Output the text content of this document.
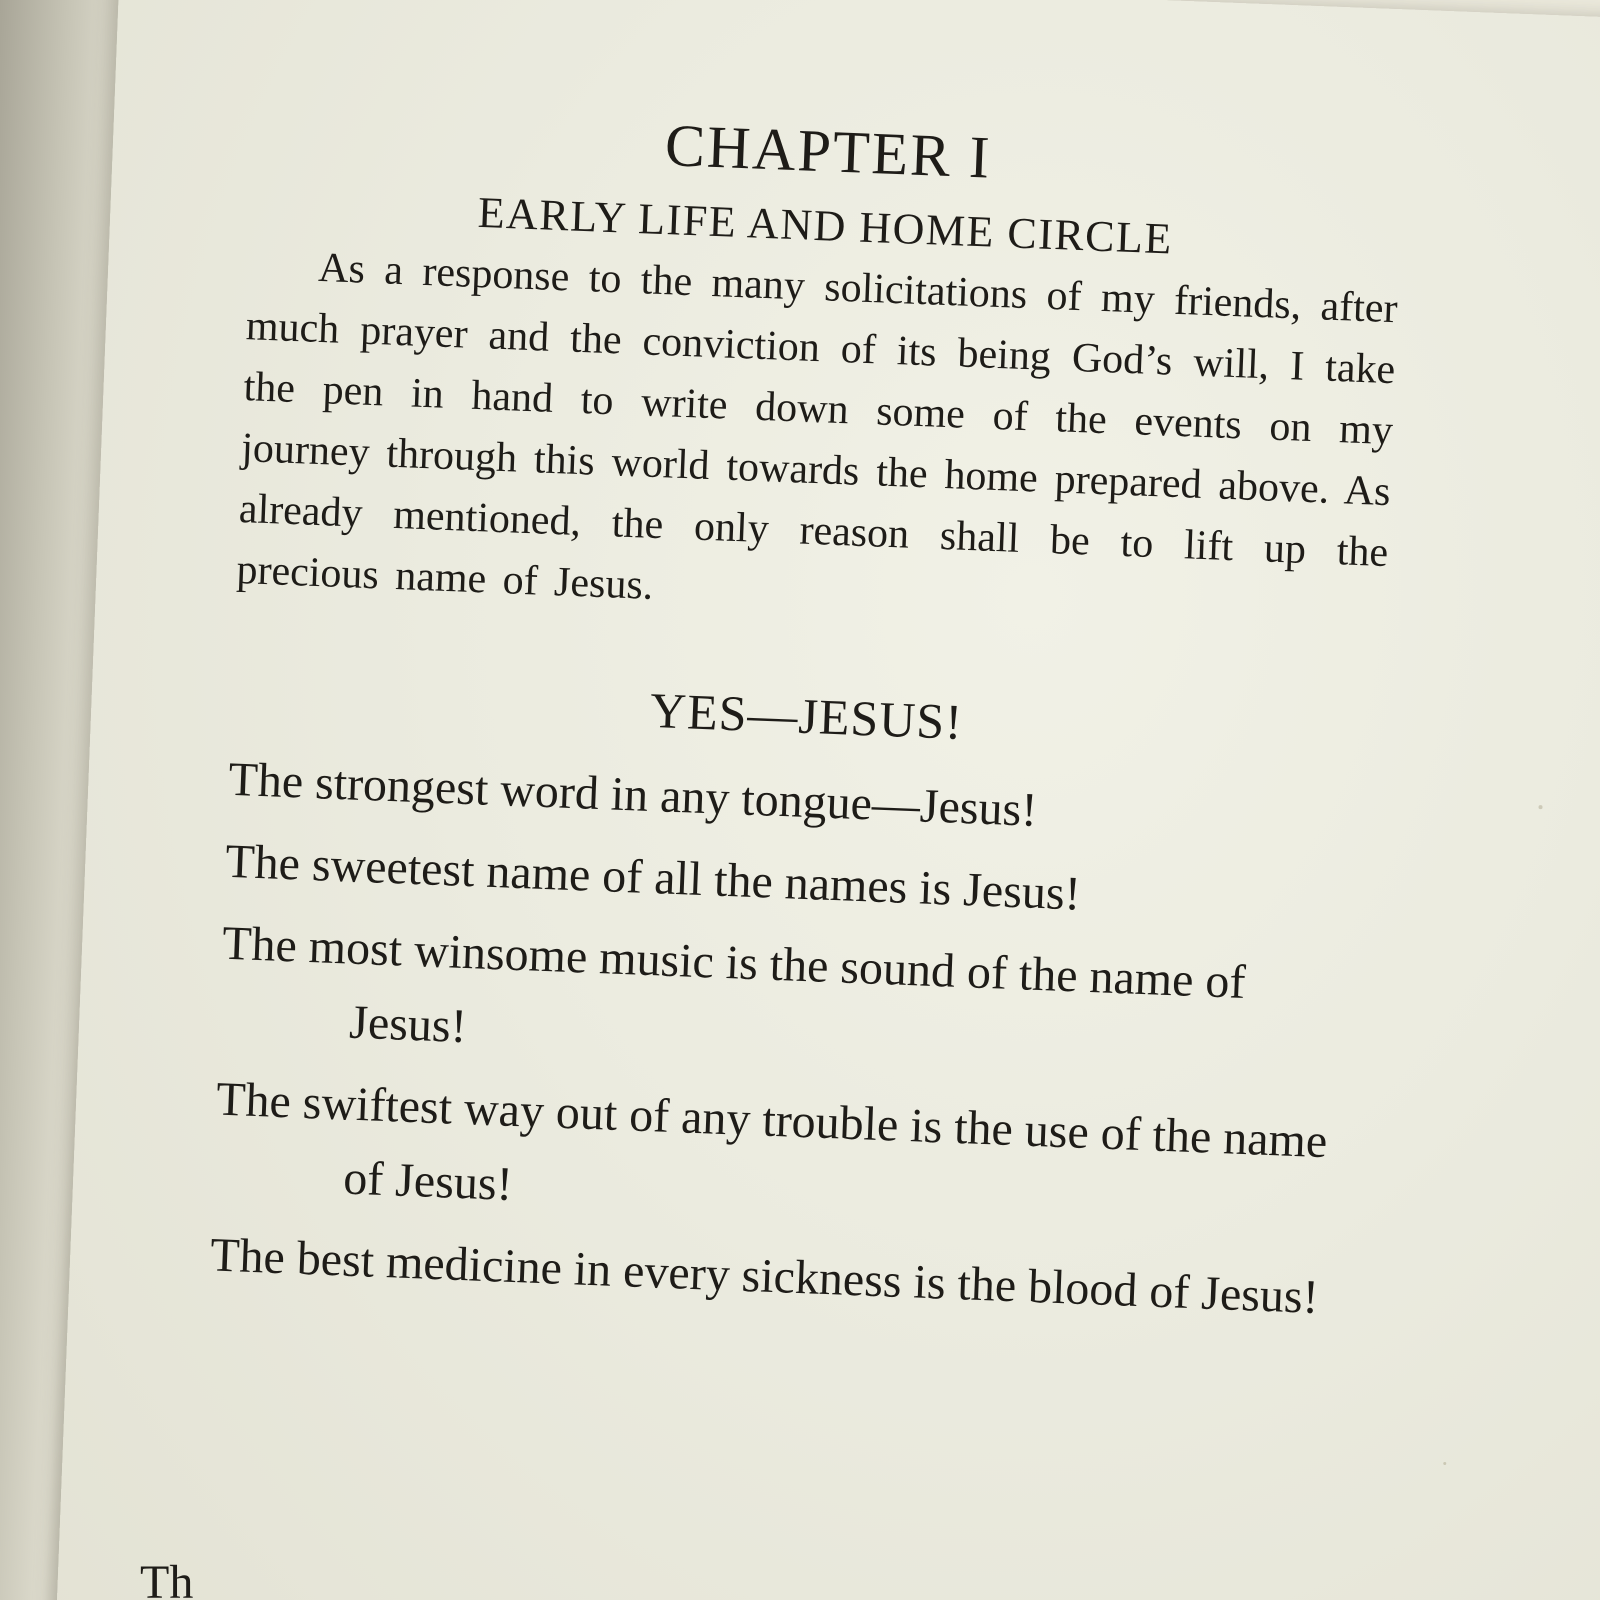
CHAPTER I
EARLY LIFE AND HOME CIRCLE

As a response to the many solicitations of my friends, after much prayer and the conviction of its being God’s will, I take the pen in hand to write down some of the events on my journey through this world towards the home prepared above. As already mentioned, the only reason shall be to lift up the precious name of Jesus.

YES—JESUS!
The strongest word in any tongue—Jesus!
The sweetest name of all the names is Jesus!
The most winsome music is the sound of the name of Jesus!
The swiftest way out of any trouble is the use of the name of Jesus!
The best medicine in every sickness is the blood of Jesus!
Th
